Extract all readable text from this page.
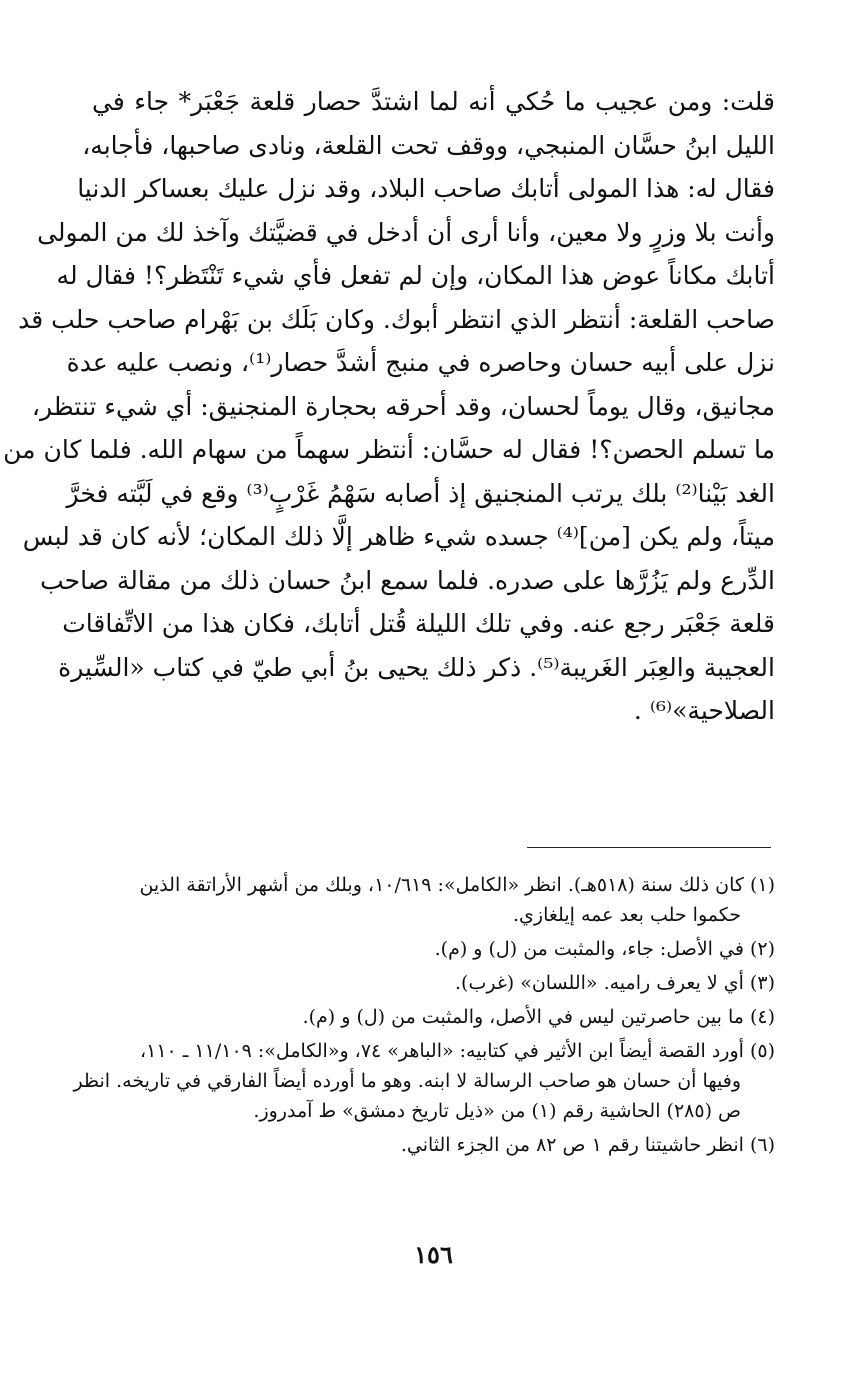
قلت: ومن عجيب ما حُكي أنه لما اشتدَّ حصار قلعة جَعْبَر* جاء في
الليل ابنُ حسَّان المنبجي، ووقف تحت القلعة، ونادى صاحبها، فأجابه،
فقال له: هذا المولى أتابك صاحب البلاد، وقد نزل عليك بعساكر الدنيا
وأنت بلا وزرٍ ولا معين، وأنا أرى أن أدخل في قضيَّتك وآخذ لك من المولى
أتابك مكاناً عوض هذا المكان، وإن لم تفعل فأي شيء تَنْتَظر؟! فقال له
صاحب القلعة: أنتظر الذي انتظر أبوك. وكان بَلَك بن بَهْرام صاحب حلب قد
نزل على أبيه حسان وحاصره في منبج أشدَّ حصار⁽¹⁾، ونصب عليه عدة
مجانيق، وقال يوماً لحسان، وقد أحرقه بحجارة المنجنيق: أي شيء تنتظر،
ما تسلم الحصن؟! فقال له حسَّان: أنتظر سهماً من سهام الله. فلما كان من
الغد بَيْنا⁽²⁾ بلك يرتب المنجنيق إذ أصابه سَهْمُ غَرْبٍ⁽³⁾ وقع في لَبَّته فخرَّ
ميتاً، ولم يكن [من]⁽⁴⁾ جسده شيء ظاهر إلَّا ذلك المكان؛ لأنه كان قد لبس
الدِّرع ولم يَزُرَّها على صدره. فلما سمع ابنُ حسان ذلك من مقالة صاحب
قلعة جَعْبَر رجع عنه. وفي تلك الليلة قُتل أتابك، فكان هذا من الاتِّفاقات
العجيبة والعِبَر الغَريبة⁽⁵⁾. ذكر ذلك يحيى بنُ أبي طيّ في كتاب «السِّيرة
الصلاحية»⁽⁶⁾ .
(١) كان ذلك سنة (٥١٨هـ). انظر «الكامل»: ١٠/٦١٩، وبلك من أشهر الأراتقة الذين
حكموا حلب بعد عمه إيلغازي.
(٢) في الأصل: جاء، والمثبت من (ل) و (م).
(٣) أي لا يعرف راميه. «اللسان» (غرب).
(٤) ما بين حاصرتين ليس في الأصل، والمثبت من (ل) و (م).
(٥) أورد القصة أيضاً ابن الأثير في كتابيه: «الباهر» ٧٤، و«الكامل»: ١١/١٠٩ ـ ١١٠،
وفيها أن حسان هو صاحب الرسالة لا ابنه. وهو ما أورده أيضاً الفارقي في تاريخه. انظر
ص (٢٨٥) الحاشية رقم (١) من «ذيل تاريخ دمشق» ط آمدروز.
(٦) انظر حاشيتنا رقم ١ ص ٨٢ من الجزء الثاني.
١٥٦
